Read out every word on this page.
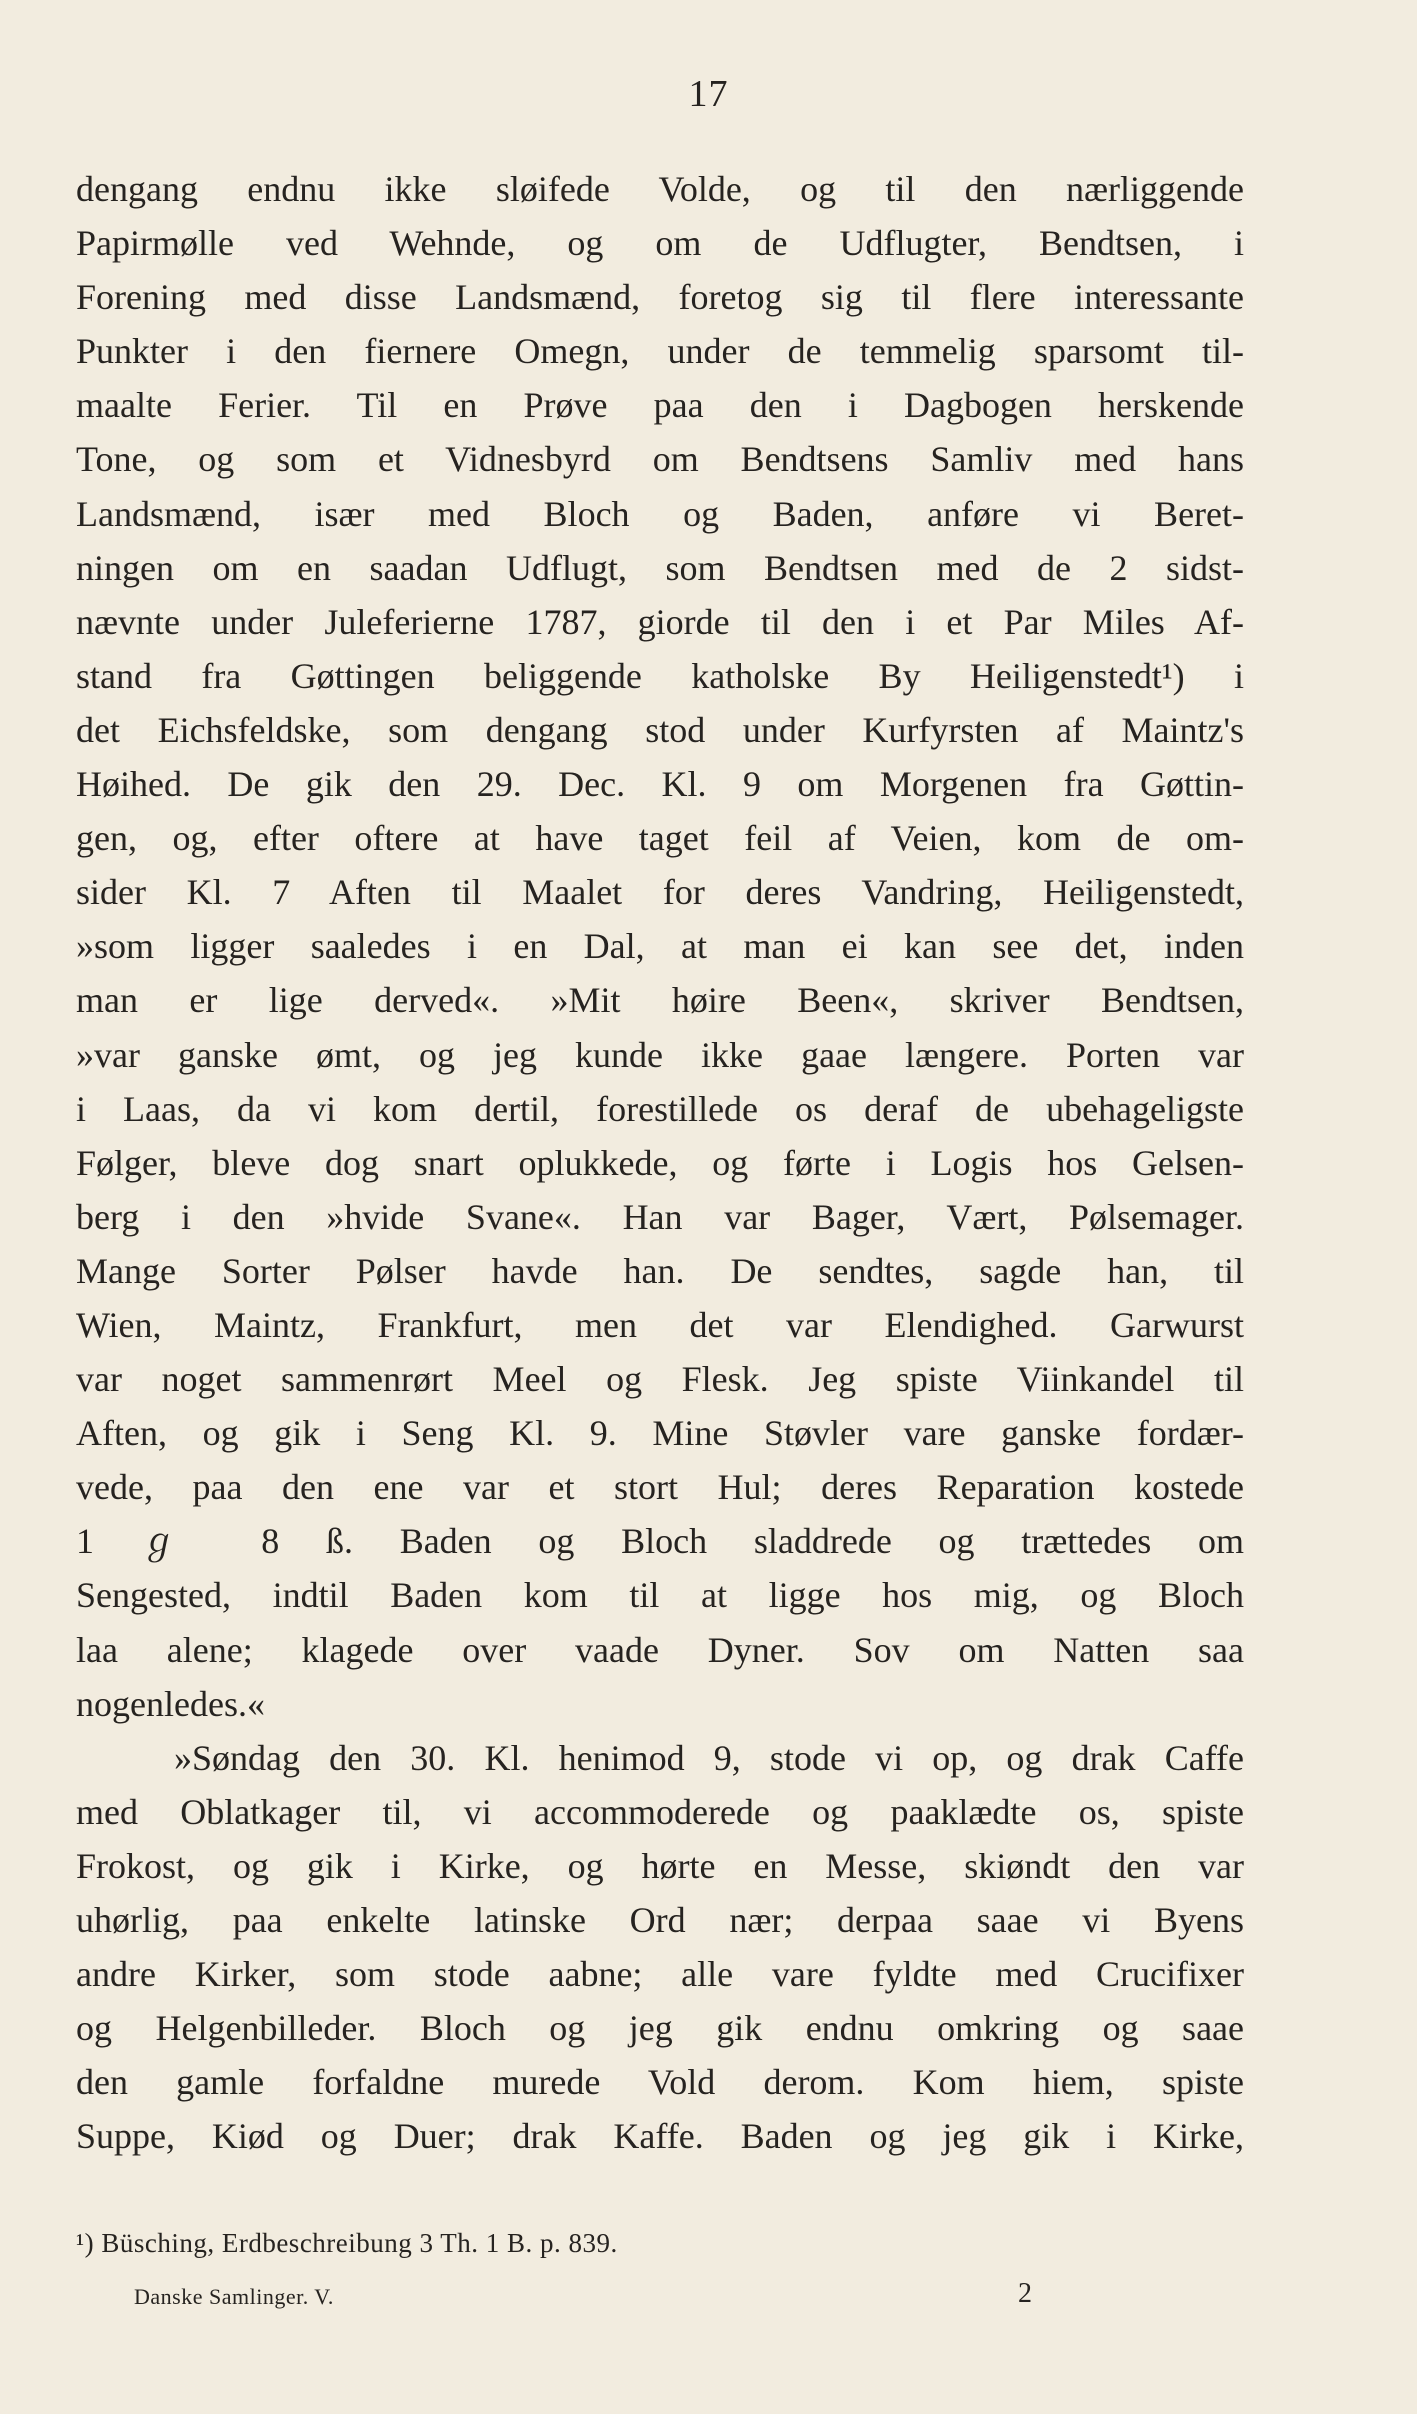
17
dengang endnu ikke sløifede Volde, og til den nærliggende
Papirmølle ved Wehnde, og om de Udflugter, Bendtsen, i
Forening med disse Landsmænd, foretog sig til flere interessante
Punkter i den fiernere Omegn, under de temmelig sparsomt til-
maalte Ferier. Til en Prøve paa den i Dagbogen herskende
Tone, og som et Vidnesbyrd om Bendtsens Samliv med hans
Landsmænd, især med Bloch og Baden, anføre vi Beret-
ningen om en saadan Udflugt, som Bendtsen med de 2 sidst-
nævnte under Juleferierne 1787, giorde til den i et Par Miles Af-
stand fra Gøttingen beliggende katholske By Heiligenstedt¹) i
det Eichsfeldske, som dengang stod under Kurfyrsten af Maintz's
Høihed. De gik den 29. Dec. Kl. 9 om Morgenen fra Gøttin-
gen, og, efter oftere at have taget feil af Veien, kom de om-
sider Kl. 7 Aften til Maalet for deres Vandring, Heiligenstedt,
»som ligger saaledes i en Dal, at man ei kan see det, inden
man er lige derved«. »Mit høire Been«, skriver Bendtsen,
»var ganske ømt, og jeg kunde ikke gaae længere. Porten var
i Laas, da vi kom dertil, forestillede os deraf de ubehageligste
Følger, bleve dog snart oplukkede, og førte i Logis hos Gelsen-
berg i den »hvide Svane«. Han var Bager, Vært, Pølsemager.
Mange Sorter Pølser havde han. De sendtes, sagde han, til
Wien, Maintz, Frankfurt, men det var Elendighed. Garwurst
var noget sammenrørt Meel og Flesk. Jeg spiste Viinkandel til
Aften, og gik i Seng Kl. 9. Mine Støvler vare ganske fordær-
vede, paa den ene var et stort Hul; deres Reparation kostede
1 ℊ 8 ß. Baden og Bloch sladdrede og trættedes om
Sengested, indtil Baden kom til at ligge hos mig, og Bloch
laa alene; klagede over vaade Dyner. Sov om Natten saa
nogenledes.«
»Søndag den 30. Kl. henimod 9, stode vi op, og drak Caffe
med Oblatkager til, vi accommoderede og paaklædte os, spiste
Frokost, og gik i Kirke, og hørte en Messe, skiøndt den var
uhørlig, paa enkelte latinske Ord nær; derpaa saae vi Byens
andre Kirker, som stode aabne; alle vare fyldte med Crucifixer
og Helgenbilleder. Bloch og jeg gik endnu omkring og saae
den gamle forfaldne murede Vold derom. Kom hiem, spiste
Suppe, Kiød og Duer; drak Kaffe. Baden og jeg gik i Kirke,
¹) Büsching, Erdbeschreibung 3 Th. 1 B. p. 839.
Danske Samlinger. V.	2
